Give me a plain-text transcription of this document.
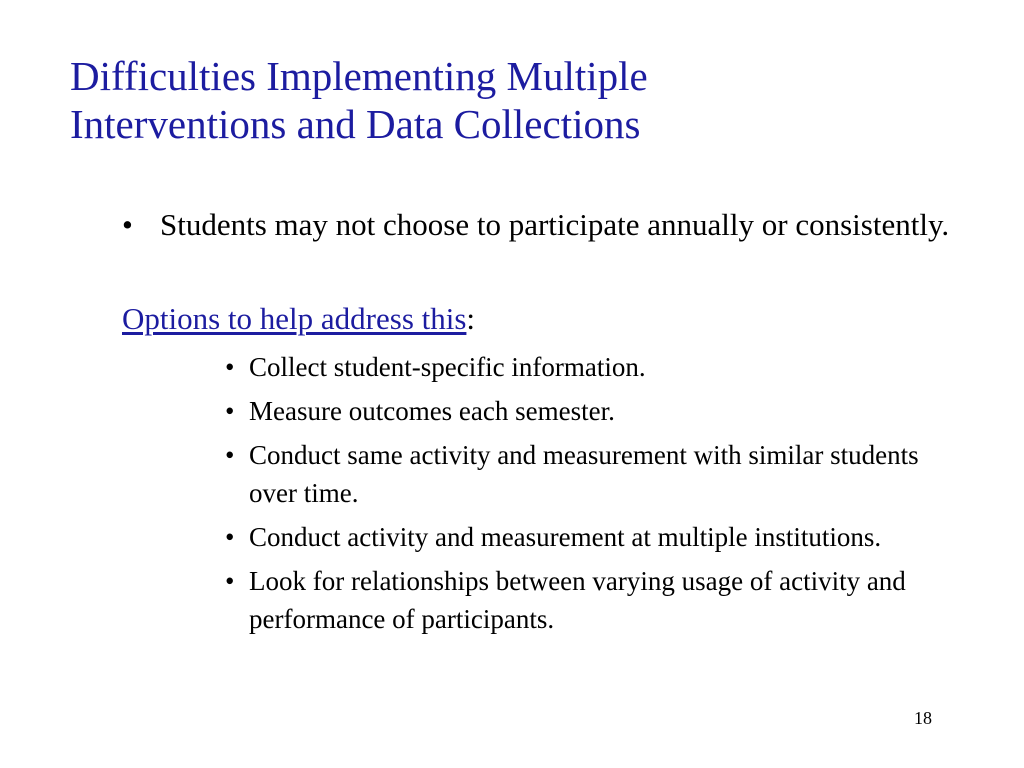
Difficulties Implementing Multiple
Interventions and Data Collections
• Students may not choose to participate annually or consistently.
Options to help address this:
• Collect student-specific information.
• Measure outcomes each semester.
• Conduct same activity and measurement with similar students over time.
• Conduct activity and measurement at multiple institutions.
• Look for relationships between varying usage of activity and performance of participants.
18
